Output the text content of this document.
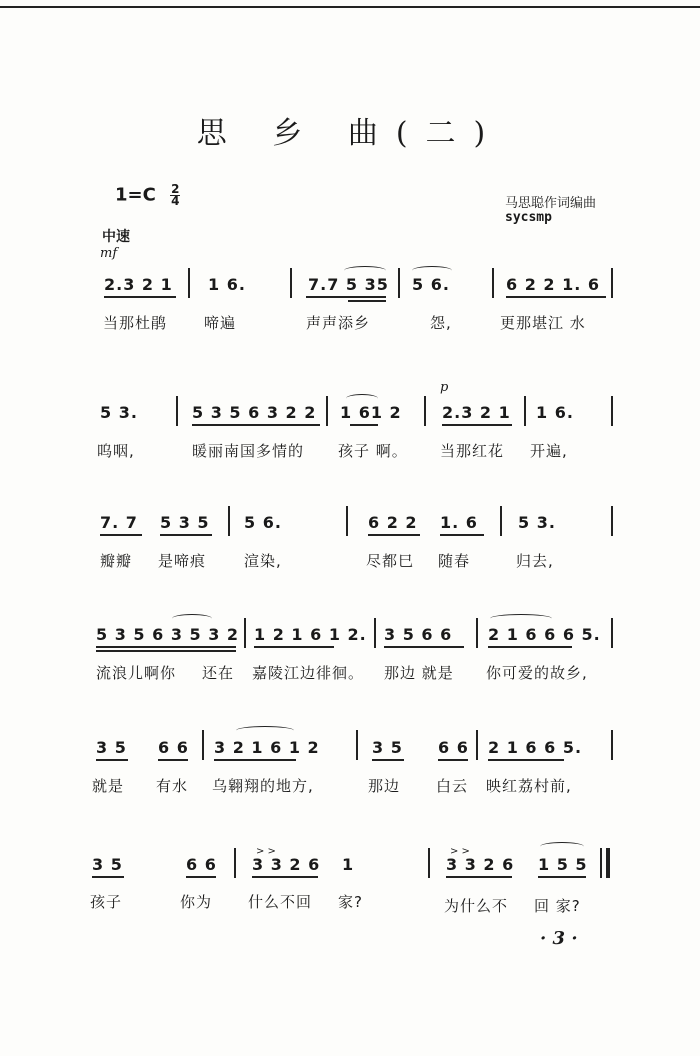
思 乡 曲(二)
$1=C \frac{2}{4}$	马思聪作词编曲
sycsmp
中速
mf
p
2.3 2 1 1 6.	7.7 5 35 5 6.	6 2 2 1. 6
当那杜鹃 啼遍	声声添乡	怨,	更那堪江 水
5 3.	5 3 5 6 3 2 2 1 61 2	2.3 2 1 1 6.
呜咽,	暖丽南国多情的 孩子 啊。 当那红花 开遍,
7. 7 5 3 5 5 6.	6 2 2 1. 6	5 3.
瓣瓣 是啼痕	渲染,	尽都巳 随春	归去,
5 3 5 6 3 5 3 2 1 2 1 6 1 2. 3 5 6 6 2 1 6 6 6 5.
流浪儿啊你 还在 嘉陵江边徘徊。 那边 就是 你可爱的故乡,
3 5 6 6 3 2 1 6 1 2	3 5 6 6 2 1 6 6 5.
就是 有水 乌翱翔的地方,	那边 白云 映红荔村前,
> >	> >
3 5	6 6 3 3 2 6 1	3 3 2 6 1 5 5
孩子	你为 什么不回 家?	为什么不 回 家?
· 3 ·
